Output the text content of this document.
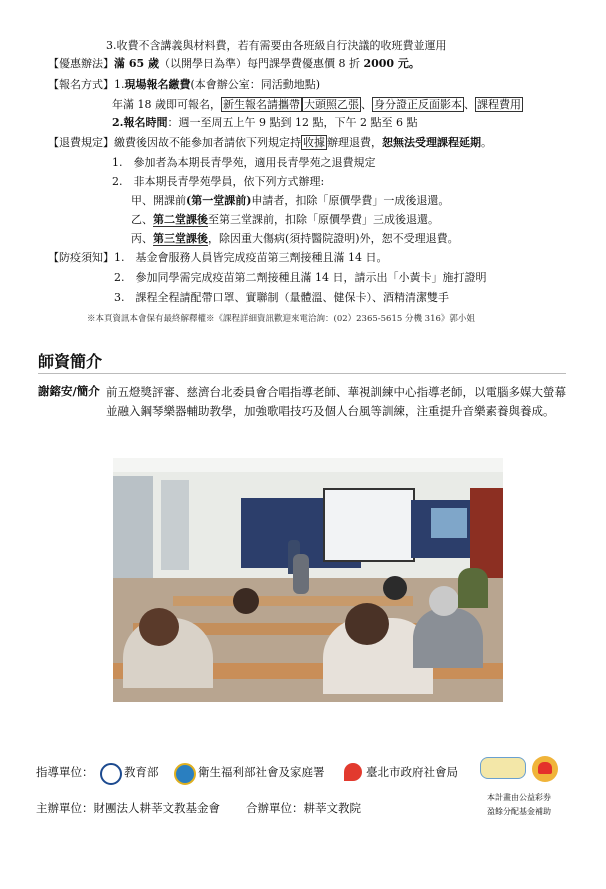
3.收費不含講義與材料費，若有需要由各班級自行決議的收班費並運用
【優惠辦法】滿 65 歲（以開學日為準）每門課學費優惠價 8 折 2000 元。
【報名方式】1.現場報名繳費(本會辦公室：同活動地點)
年滿 18 歲即可報名， 新生報名請攜帶 大頭照乙張 、 身分證正反面影本 、 課程費用
2.報名時間：週一至周五上午 9 點到 12 點，下午 2 點至 6 點
【退費規定】繳費後因故不能參加者請依下列規定持 收據 辦理退費，恕無法受理課程延期。
1.　參加者為本期長青學苑，適用長青學苑之退費規定
2.　非本期長青學苑學員，依下列方式辦理:
甲、開課前(第一堂課前)申請者，扣除「原價學費」一成後退還。
乙、第二堂課後至第三堂課前，扣除「原價學費」三成後退還。
丙、第三堂課後，除因重大傷病(須持醫院證明)外，恕不受理退費。
【防疫須知】1.　基金會服務人員皆完成疫苗第三劑接種且滿 14 日。
2.　參加同學需完成疫苗第二劑接種且滿 14 日，請示出「小黃卡」施打證明
3.　課程全程請配帶口罩、實聯制（量體溫、健保卡）、酒精清潔雙手
※本頁資訊本會保有最終解釋權※《課程詳細資訊歡迎來電洽詢：(02）2365-5615 分機 316》郭小姐
師資簡介
謝鎔安/簡介 前五燈獎評審、慈濟台北委員會合唱指導老師、華視訓練中心指導老師，以電腦多媒大螢幕並融入鋼琴樂器輔助教學，加強歌唱技巧及個人台風等訓練，注重提升音樂素養與養成。
指導單位：	教育部	衛生福利部社會及家庭署	臺北市政府社會局
主辦單位：財團法人耕莘文教基金會 合辦單位：耕莘文教院
本計畫由公益彩券
盈餘分配基金補助
